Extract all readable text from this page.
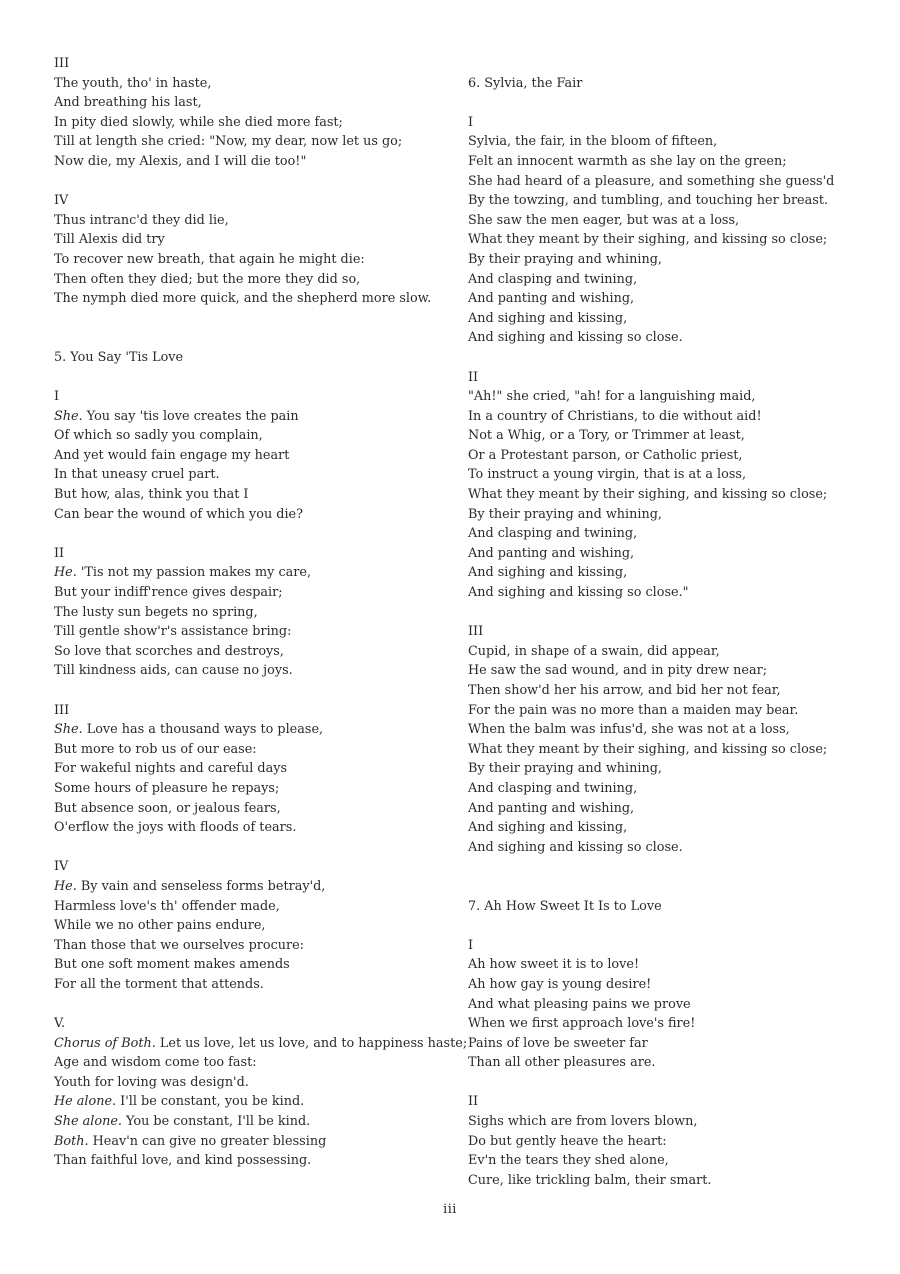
III
The youth, tho' in haste,
And breathing his last,
In pity died slowly, while she died more fast;
Till at length she cried: "Now, my dear, now let us go;
Now die, my Alexis, and I will die too!"
IV
Thus intranc'd they did lie,
Till Alexis did try
To recover new breath, that again he might die:
Then often they died; but the more they did so,
The nymph died more quick, and the shepherd more slow.
5. You Say 'Tis Love
I
She. You say 'tis love creates the pain
Of which so sadly you complain,
And yet would fain engage my heart
In that uneasy cruel part.
But how, alas, think you that I
Can bear the wound of which you die?
II
He. 'Tis not my passion makes my care,
But your indiff'rence gives despair;
The lusty sun begets no spring,
Till gentle show'r's assistance bring:
So love that scorches and destroys,
Till kindness aids, can cause no joys.
III
She. Love has a thousand ways to please,
But more to rob us of our ease:
For wakeful nights and careful days
Some hours of pleasure he repays;
But absence soon, or jealous fears,
O'erflow the joys with floods of tears.
IV
He. By vain and senseless forms betray'd,
Harmless love's th' offender made,
While we no other pains endure,
Than those that we ourselves procure:
But one soft moment makes amends
For all the torment that attends.
V.
Chorus of Both. Let us love, let us love, and to happiness haste;
Age and wisdom come too fast:
Youth for loving was design'd.
He alone. I'll be constant, you be kind.
She alone. You be constant, I'll be kind.
Both. Heav'n can give no greater blessing
Than faithful love, and kind possessing.
6. Sylvia, the Fair
I
Sylvia, the fair, in the bloom of fifteen,
Felt an innocent warmth as she lay on the green;
She had heard of a pleasure, and something she guess'd
By the towzing, and tumbling, and touching her breast.
She saw the men eager, but was at a loss,
What they meant by their sighing, and kissing so close;
By their praying and whining,
And clasping and twining,
And panting and wishing,
And sighing and kissing,
And sighing and kissing so close.
II
"Ah!" she cried, "ah! for a languishing maid,
In a country of Christians, to die without aid!
Not a Whig, or a Tory, or Trimmer at least,
Or a Protestant parson, or Catholic priest,
To instruct a young virgin, that is at a loss,
What they meant by their sighing, and kissing so close;
By their praying and whining,
And clasping and twining,
And panting and wishing,
And sighing and kissing,
And sighing and kissing so close."
III
Cupid, in shape of a swain, did appear,
He saw the sad wound, and in pity drew near;
Then show'd her his arrow, and bid her not fear,
For the pain was no more than a maiden may bear.
When the balm was infus'd, she was not at a loss,
What they meant by their sighing, and kissing so close;
By their praying and whining,
And clasping and twining,
And panting and wishing,
And sighing and kissing,
And sighing and kissing so close.
7. Ah How Sweet It Is to Love
I
Ah how sweet it is to love!
Ah how gay is young desire!
And what pleasing pains we prove
When we first approach love's fire!
Pains of love be sweeter far
Than all other pleasures are.
II
Sighs which are from lovers blown,
Do but gently heave the heart:
Ev'n the tears they shed alone,
Cure, like trickling balm, their smart.
iii
